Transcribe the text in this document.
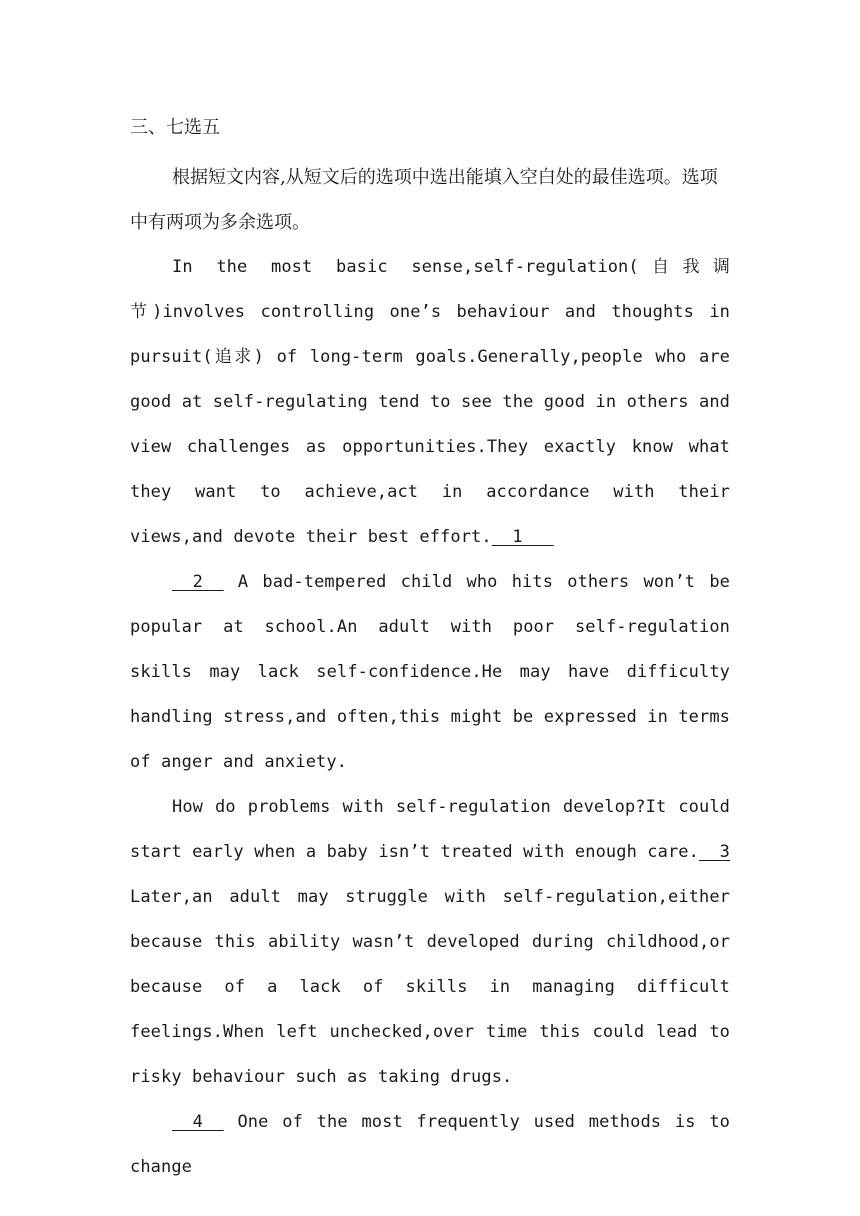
三、七选五

根据短文内容,从短文后的选项中选出能填入空白处的最佳选项。选项中有两项为多余选项。

In the most basic sense,self-regulation(自我调节)involves controlling one’s behaviour and thoughts in pursuit(追求) of long-term goals.Generally,people who are good at self-regulating tend to see the good in others and view challenges as opportunities.They exactly know what they want to achieve,act in accordance with their views,and devote their best effort.  1

2   A bad-tempered child who hits others won’t be popular at school.An adult with poor self-regulation skills may lack self-confidence.He may have difficulty handling stress,and often,this might be expressed in terms of anger and anxiety.

How do problems with self-regulation develop?It could start early when a baby isn’t treated with enough care.  3 Later,an adult may struggle with self-regulation,either because this ability wasn’t developed during childhood,or because of a lack of skills in managing difficult feelings.When left unchecked,over time this could lead to risky behaviour such as taking drugs.

4   One of the most frequently used methods is to change
